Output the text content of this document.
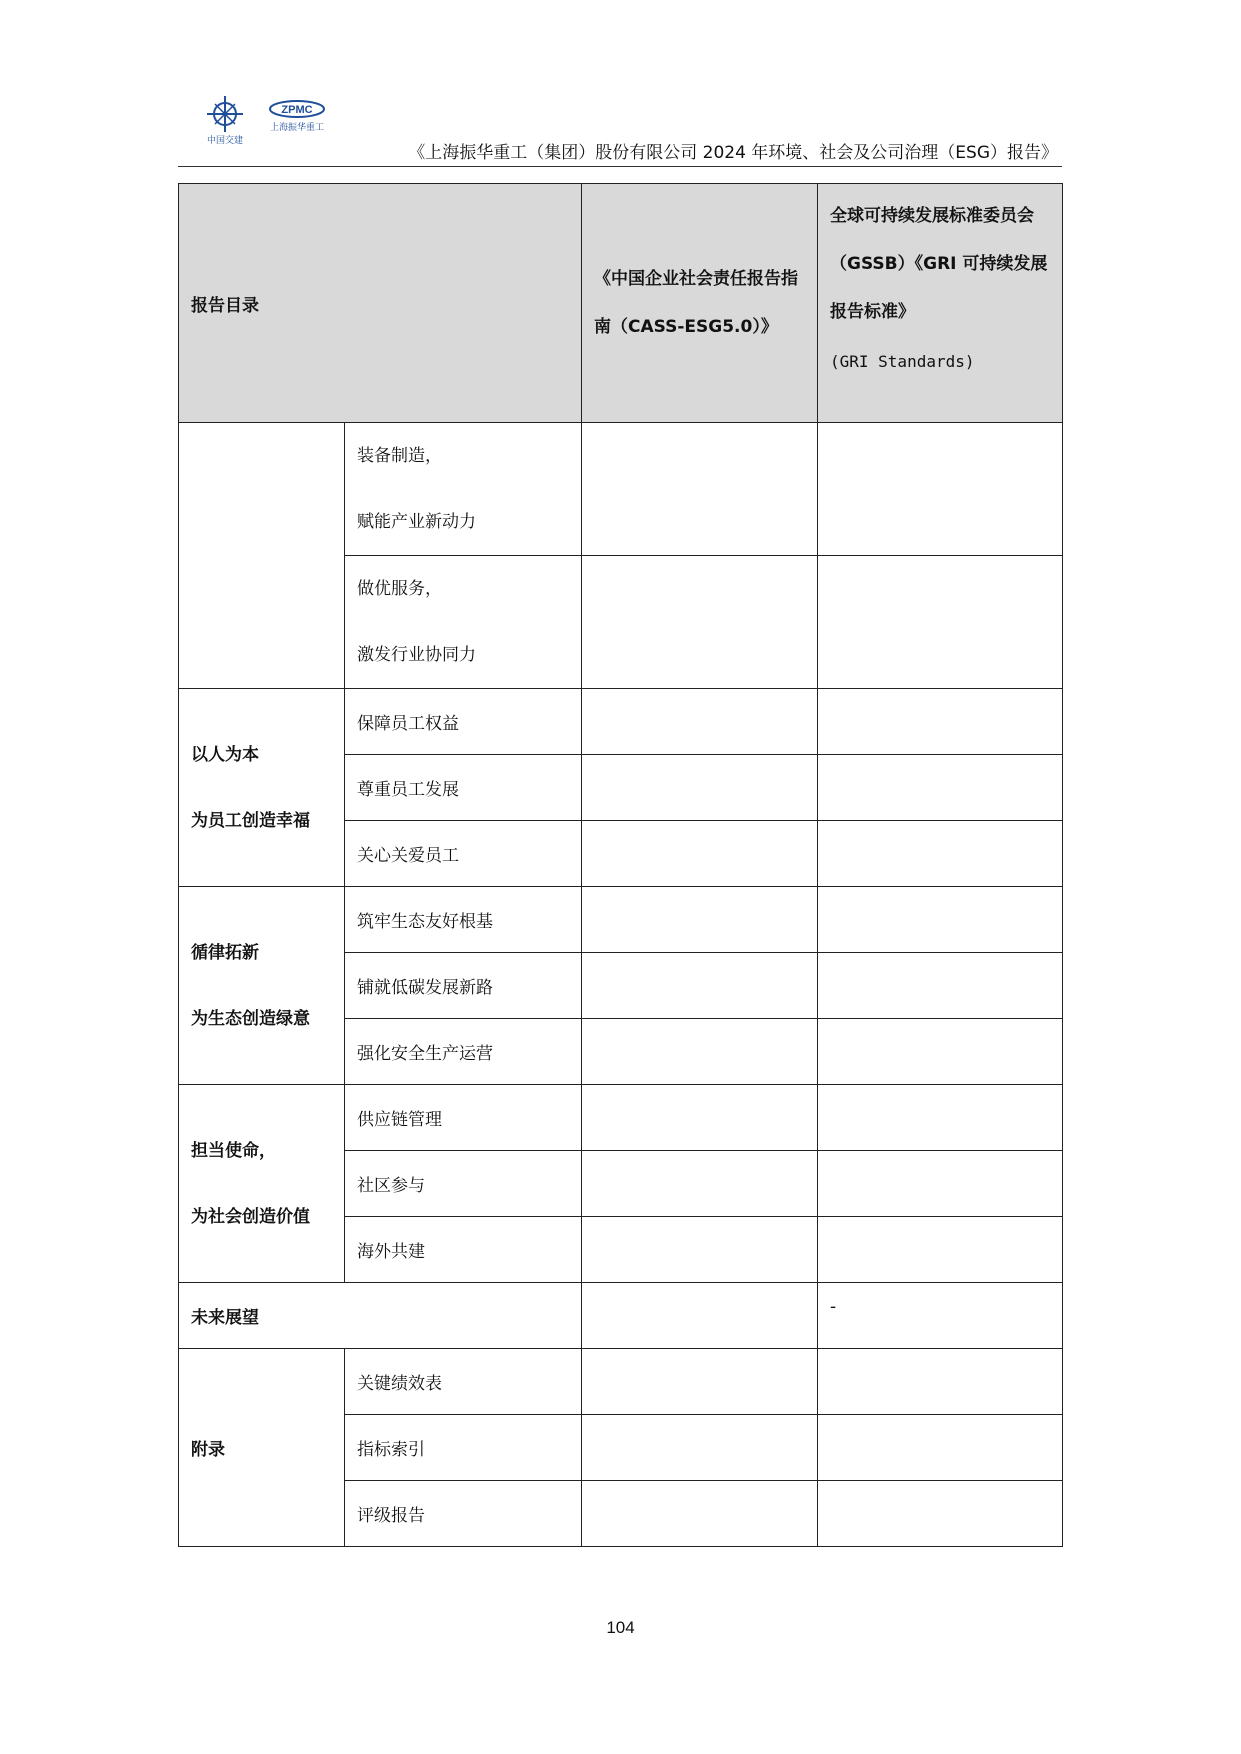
中国交建
ZPMC
上海振华重工
《上海振华重工（集团）股份有限公司 2024 年环境、社会及公司治理（ESG）报告》
报告目录		《中国企业社会责任报告指南（CASS-ESG5.0）》	全球可持续发展标准委员会（GSSB）《GRI 可持续发展报告标准》
(GRI Standards)

	装备制造，
赋能产业新动力		

	做优服务，
激发行业协同力		

以人为本
为员工创造幸福	保障员工权益		
	尊重员工发展		
	关心关爱员工		

循律拓新
为生态创造绿意	筑牢生态友好根基		
	铺就低碳发展新路		
	强化安全生产运营		

担当使命，
为社会创造价值	供应链管理		
	社区参与		
	海外共建		
未来展望			-
附录	关键绩效表		
	指标索引		
	评级报告		
104
